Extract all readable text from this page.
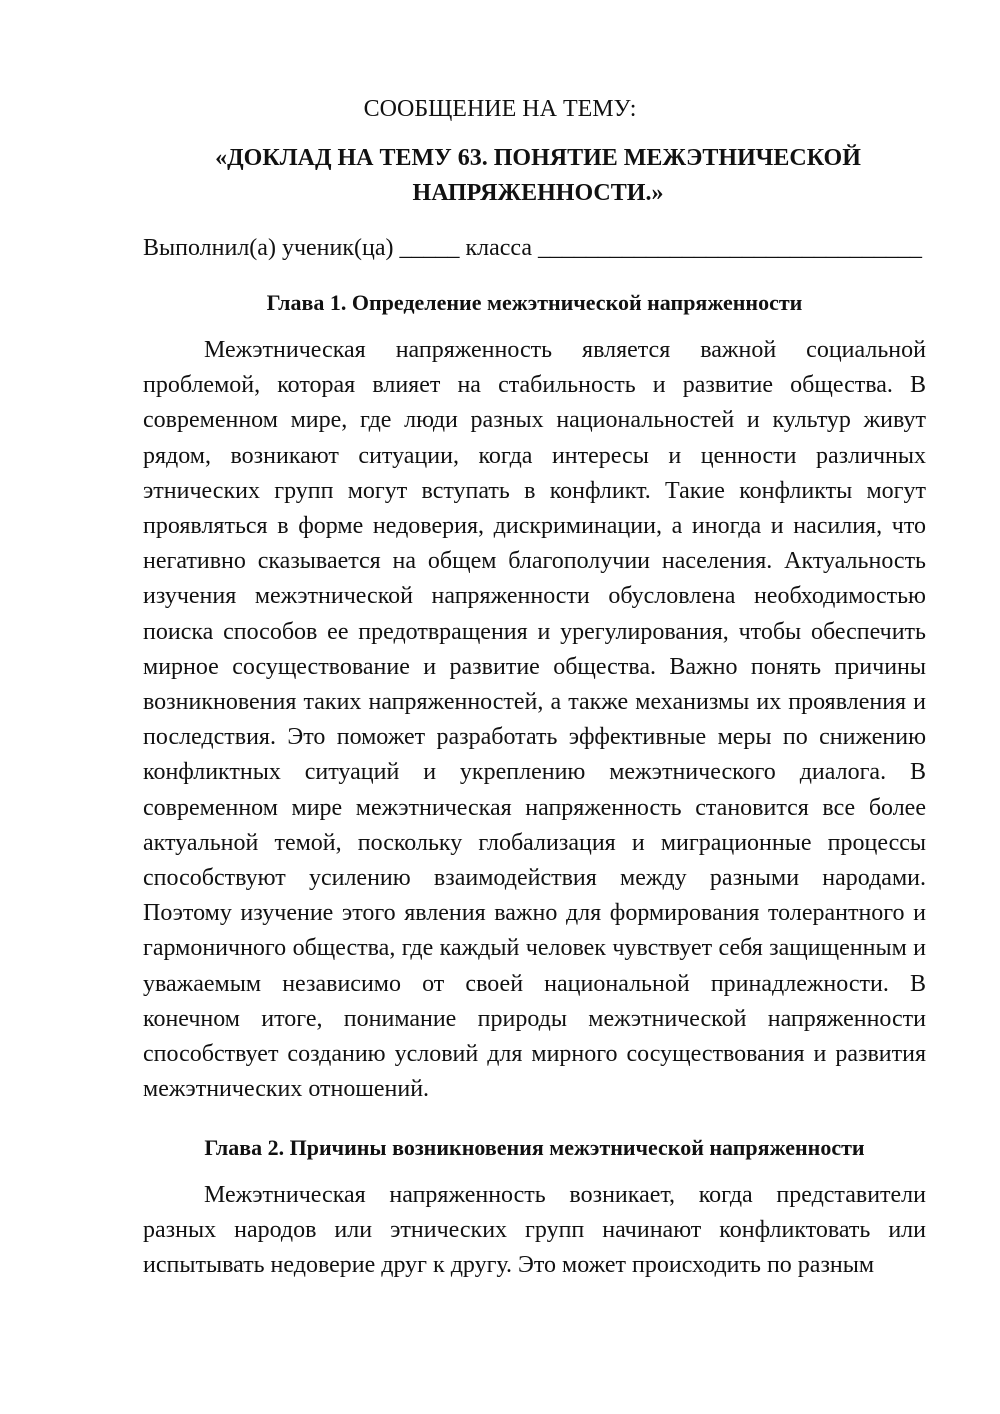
СООБЩЕНИЕ НА ТЕМУ:
«ДОКЛАД НА ТЕМУ 63. ПОНЯТИЕ МЕЖЭТНИЧЕСКОЙ НАПРЯЖЕННОСТИ.»
Выполнил(а) ученик(ца) _____ класса ________________________________
Глава 1. Определение межэтнической напряженности

Межэтническая напряженность является важной социальной проблемой, которая влияет на стабильность и развитие общества. В современном мире, где люди разных национальностей и культур живут рядом, возникают ситуации, когда интересы и ценности различных этнических групп могут вступать в конфликт. Такие конфликты могут проявляться в форме недоверия, дискриминации, а иногда и насилия, что негативно сказывается на общем благополучии населения. Актуальность изучения межэтнической напряженности обусловлена необходимостью поиска способов ее предотвращения и урегулирования, чтобы обеспечить мирное сосуществование и развитие общества. Важно понять причины возникновения таких напряженностей, а также механизмы их проявления и последствия. Это поможет разработать эффективные меры по снижению конфликтных ситуаций и укреплению межэтнического диалога. В современном мире межэтническая напряженность становится все более актуальной темой, поскольку глобализация и миграционные процессы способствуют усилению взаимодействия между разными народами. Поэтому изучение этого явления важно для формирования толерантного и гармоничного общества, где каждый человек чувствует себя защищенным и уважаемым независимо от своей национальной принадлежности. В конечном итоге, понимание природы межэтнической напряженности способствует созданию условий для мирного сосуществования и развития межэтнических отношений.

Глава 2. Причины возникновения межэтнической напряженности

Межэтническая напряженность возникает, когда представители разных народов или этнических групп начинают конфликтовать или испытывать недоверие друг к другу. Это может происходить по разным
